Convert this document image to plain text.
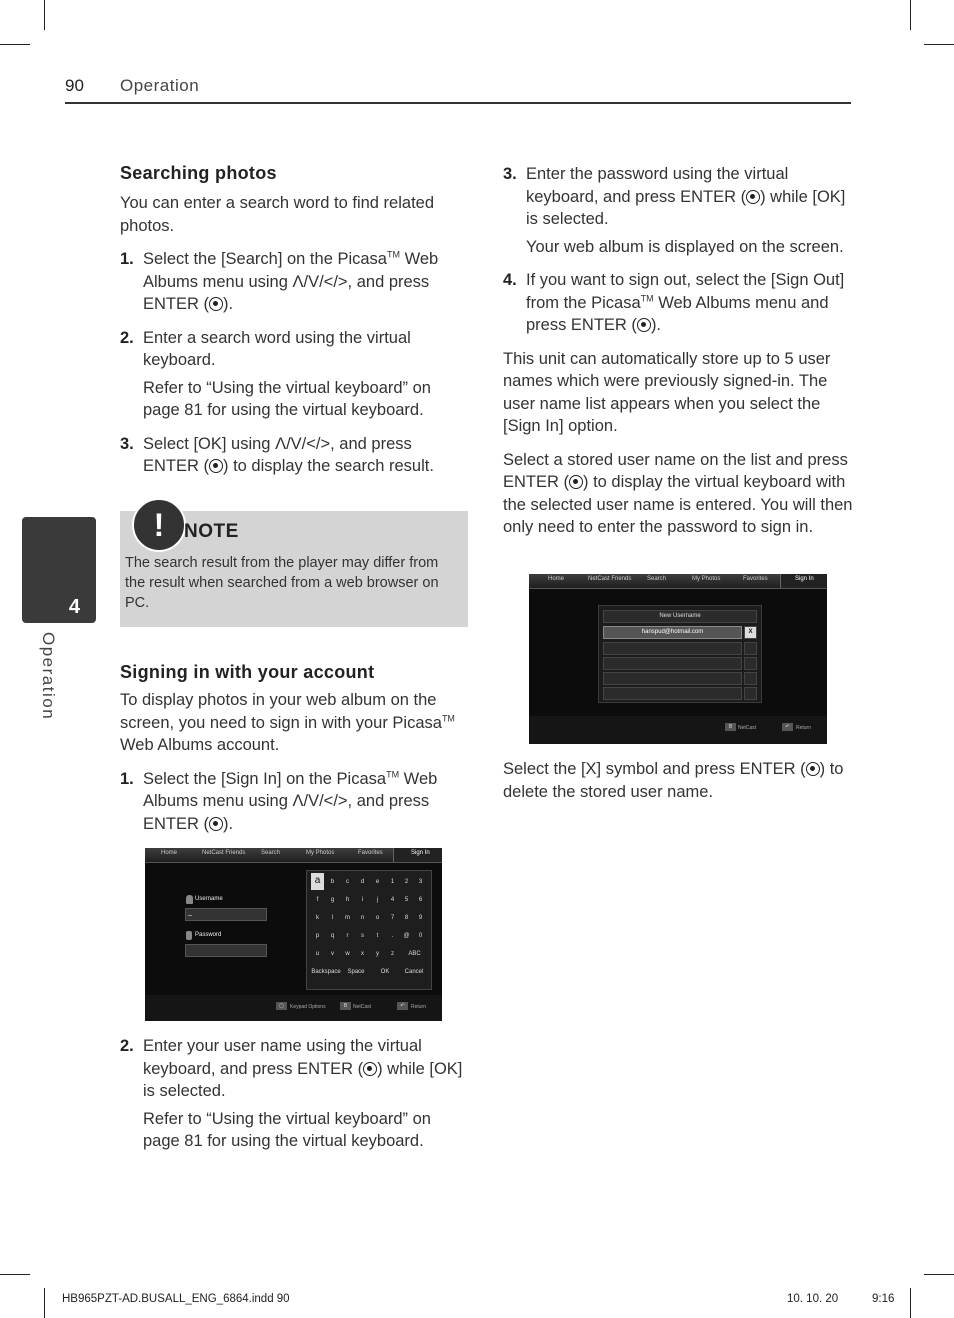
90 Operation
4
Operation
Searching photos

You can enter a search word to find related photos.

1. Select the [Search] on the Picasa™ Web Albums menu using Λ/V/</>, and press ENTER ( ).

2. Enter a search word using the virtual keyboard.

Refer to “Using the virtual keyboard” on page 81 for using the virtual keyboard.

3. Select [OK] using Λ/V/</>, and press ENTER ( ) to display the search result.

!	NOTE
The search result from the player may differ from the result when searched from a web browser on PC.
Signing in with your account

To display photos in your web album on the screen, you need to sign in with your Picasa™ Web Albums account.

1. Select the [Sign In] on the Picasa™ Web Albums menu using Λ/V/</>, and press ENTER ( ).

Home	NetCast Friends	Search	My Photos	Favorites	Sign In
Username
_
Password
a	b	c	d	e	1	2	3
f	g	h	i	j	4	5	6
k	l	m	n	o	7	8	9
p	q	r	s	t	.	@	0
u	v	w	x	y	z	ABC
Backspace	Space	OK	Cancel
▢	Keypad Options	B	NetCast	↶	Return
2. Enter your user name using the virtual keyboard, and press ENTER ( ) while [OK] is selected.

Refer to “Using the virtual keyboard” on page 81 for using the virtual keyboard.

3. Enter the password using the virtual keyboard, and press ENTER ( ) while [OK] is selected.

Your web album is displayed on the screen.

4. If you want to sign out, select the [Sign Out] from the Picasa™ Web Albums menu and press ENTER ( ).

This unit can automatically store up to 5 user names which were previously signed-in. The user name list appears when you select the [Sign In] option.

Select a stored user name on the list and press ENTER ( ) to display the virtual keyboard with the selected user name is entered. You will then only need to enter the password to sign in.

Home	NetCast Friends	Search	My Photos	Favorites	Sign In
New Username
hanspud@hotmail.com	X
B	NetCast	↶	Return

Select the [X] symbol and press ENTER ( ) to delete the stored user name.

HB965PZT-AD.BUSALL_ENG_6864.indd 90	10. 10. 20	9:16
